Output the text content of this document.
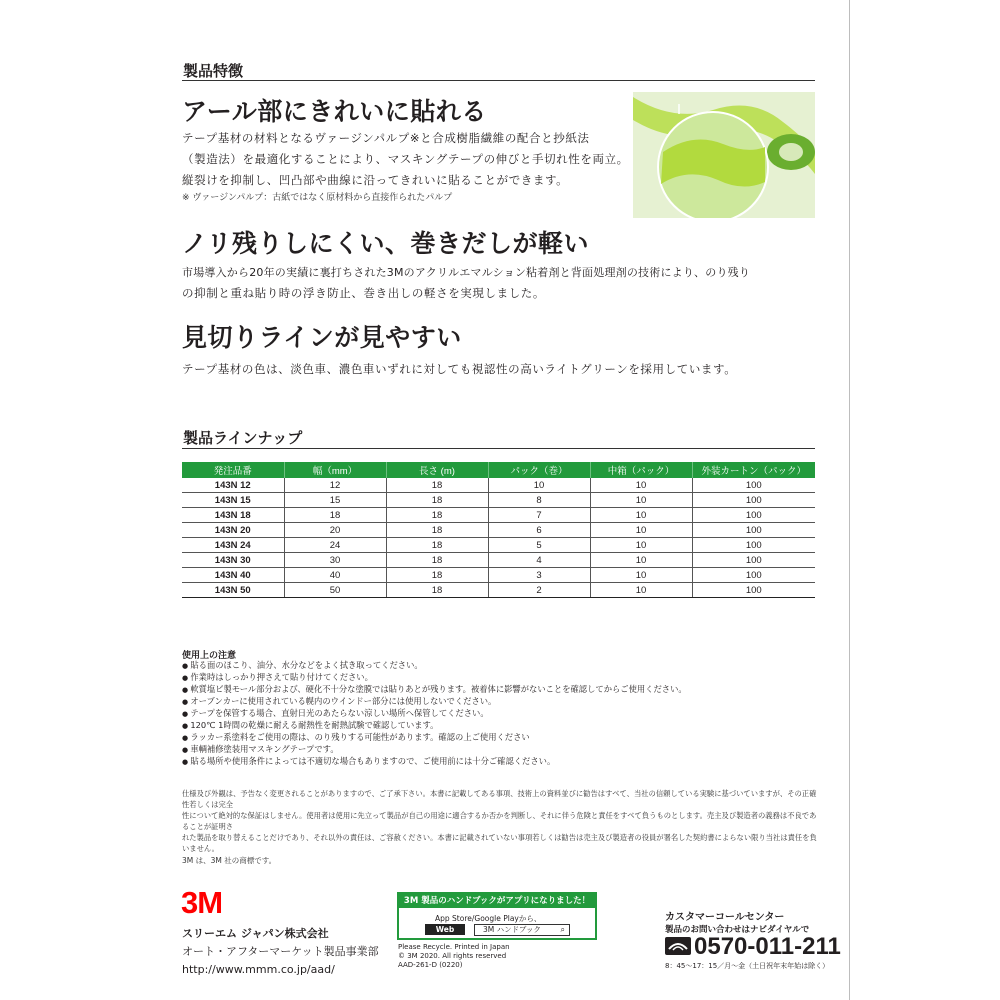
製品特徴
アール部にきれいに貼れる
テープ基材の材料となるヴァージンパルプ※と合成樹脂繊維の配合と抄紙法
（製造法）を最適化することにより、マスキングテープの伸びと手切れ性を両立。
縦裂けを抑制し、凹凸部や曲線に沿ってきれいに貼ることができます。
※ ヴァージンパルプ：古紙ではなく原材料から直接作られたパルプ
ノリ残りしにくい、巻きだしが軽い
市場導入から20年の実績に裏打ちされた3Mのアクリルエマルション粘着剤と背面処理剤の技術により、のり残り
の抑制と重ね貼り時の浮き防止、巻き出しの軽さを実現しました。
見切りラインが見やすい
テープ基材の色は、淡色車、濃色車いずれに対しても視認性の高いライトグリーンを採用しています。
製品ラインナップ
発注品番	幅（mm）	長さ (m)	パック（巻）	中箱（パック）	外装カートン（パック）
143N 12	12	18	10	10	100
143N 15	15	18	8	10	100
143N 18	18	18	7	10	100
143N 20	20	18	6	10	100
143N 24	24	18	5	10	100
143N 30	30	18	4	10	100
143N 40	40	18	3	10	100
143N 50	50	18	2	10	100
使用上の注意
● 貼る面のほこり、油分、水分などをよく拭き取ってください。
● 作業時はしっかり押さえて貼り付けてください。
● 軟質塩ビ製モール部分および、硬化不十分な塗膜では貼りあとが残ります。被着体に影響がないことを確認してからご使用ください。
● オーブンカーに使用されている幌内のウインドー部分には使用しないでください。
● テープを保管する場合、直射日光のあたらない涼しい場所へ保管してください。
● 120℃ 1時間の乾燥に耐える耐熱性を耐熱試験で確認しています。
● ラッカー系塗料をご使用の際は、のり残りする可能性があります。確認の上ご使用ください
● 車輌補修塗装用マスキングテープです。
● 貼る場所や使用条件によっては不適切な場合もありますので、ご使用前には十分ご確認ください。
仕様及び外観は、予告なく変更されることがありますので、ご了承下さい。本書に記載してある事項、技術上の資料並びに勧告はすべて、当社の信頼している実験に基づいていますが、その正確性若しくは完全
性について絶対的な保証はしません。使用者は使用に先立って製品が自己の用途に適合するか否かを判断し、それに伴う危険と責任をすべて負うものとします。売主及び製造者の義務は不良であることが証明さ
れた製品を取り替えることだけであり、それ以外の責任は、ご容赦ください。本書に記載されていない事項若しくは勧告は売主及び製造者の役員が署名した契約書によらない限り当社は責任を負いません。
3M は、3M 社の商標です。
3M
スリーエム ジャパン株式会社
オート・アフターマーケット製品事業部
http://www.mmm.co.jp/aad/
3M 製品のハンドブックがアプリになりました！
App Store/Google Playから、
Web	3M ハンドブック ⌕
Please Recycle. Printed in Japan
© 3M 2020. All rights reserved
AAD-261-D (0220)
カスタマーコールセンター
製品のお問い合わせはナビダイヤルで
0570-011-211
8：45〜17：15／月〜金（土日祝年末年始は除く）
